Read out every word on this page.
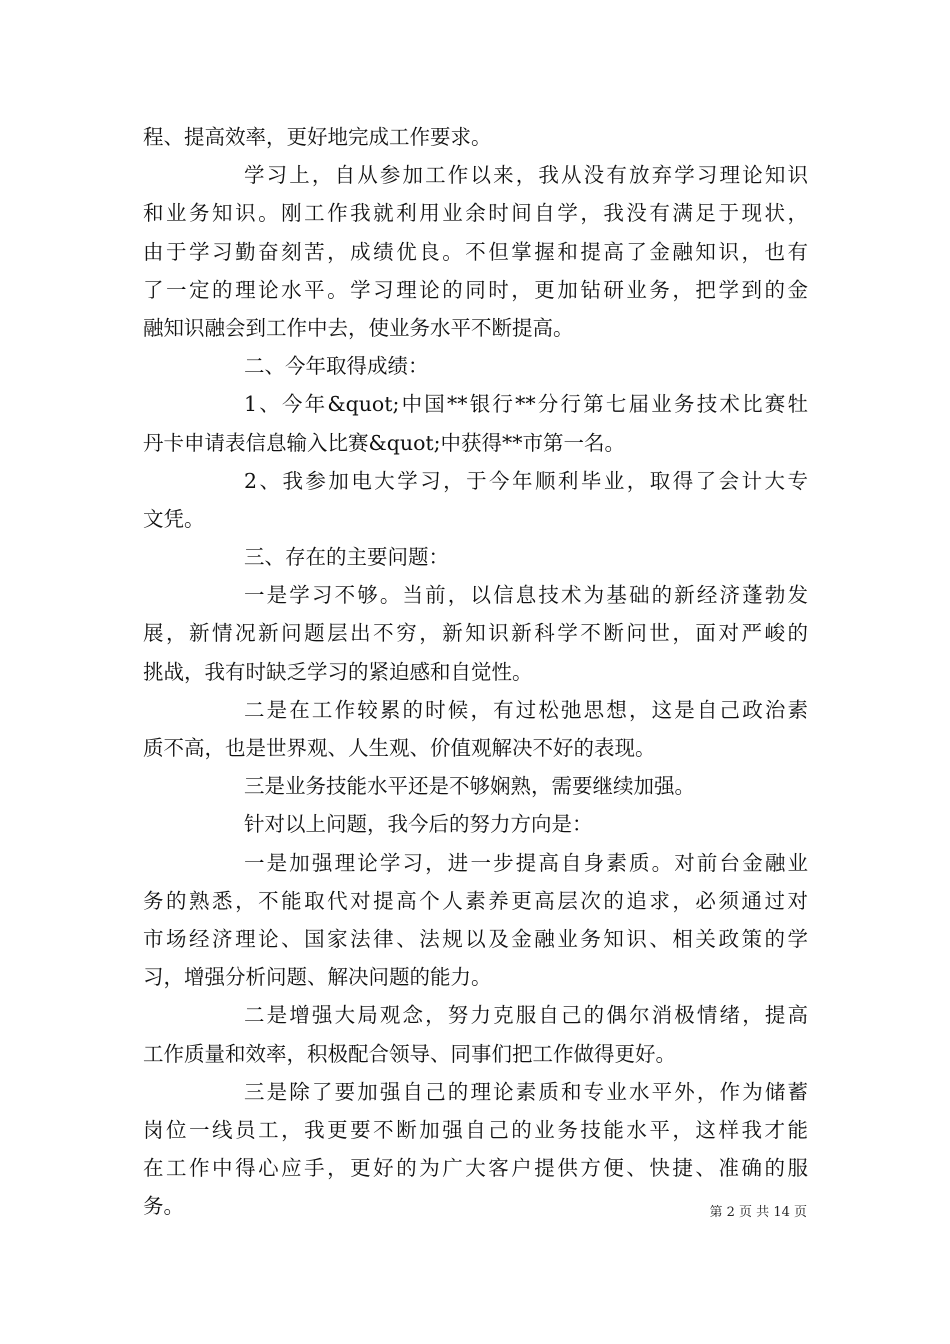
程、提高效率，更好地完成工作要求。
学习上，自从参加工作以来，我从没有放弃学习理论知识
和业务知识。刚工作我就利用业余时间自学，我没有满足于现状，
由于学习勤奋刻苦，成绩优良。不但掌握和提高了金融知识，也有
了一定的理论水平。学习理论的同时，更加钻研业务，把学到的金
融知识融会到工作中去，使业务水平不断提高。
二、今年取得成绩：
1、今年&quot;中国**银行**分行第七届业务技术比赛牡
丹卡申请表信息输入比赛&quot;中获得**市第一名。
2、我参加电大学习，于今年顺利毕业，取得了会计大专
文凭。
三、存在的主要问题：
一是学习不够。当前，以信息技术为基础的新经济蓬勃发
展，新情况新问题层出不穷，新知识新科学不断问世，面对严峻的
挑战，我有时缺乏学习的紧迫感和自觉性。
二是在工作较累的时候，有过松弛思想，这是自己政治素
质不高，也是世界观、人生观、价值观解决不好的表现。
三是业务技能水平还是不够娴熟，需要继续加强。
针对以上问题，我今后的努力方向是：
一是加强理论学习，进一步提高自身素质。对前台金融业
务的熟悉，不能取代对提高个人素养更高层次的追求，必须通过对
市场经济理论、国家法律、法规以及金融业务知识、相关政策的学
习，增强分析问题、解决问题的能力。
二是增强大局观念，努力克服自己的偶尔消极情绪，提高
工作质量和效率，积极配合领导、同事们把工作做得更好。
三是除了要加强自己的理论素质和专业水平外，作为储蓄
岗位一线员工，我更要不断加强自己的业务技能水平，这样我才能
在工作中得心应手，更好的为广大客户提供方便、快捷、准确的服
务。	第 2 页 共 14 页
